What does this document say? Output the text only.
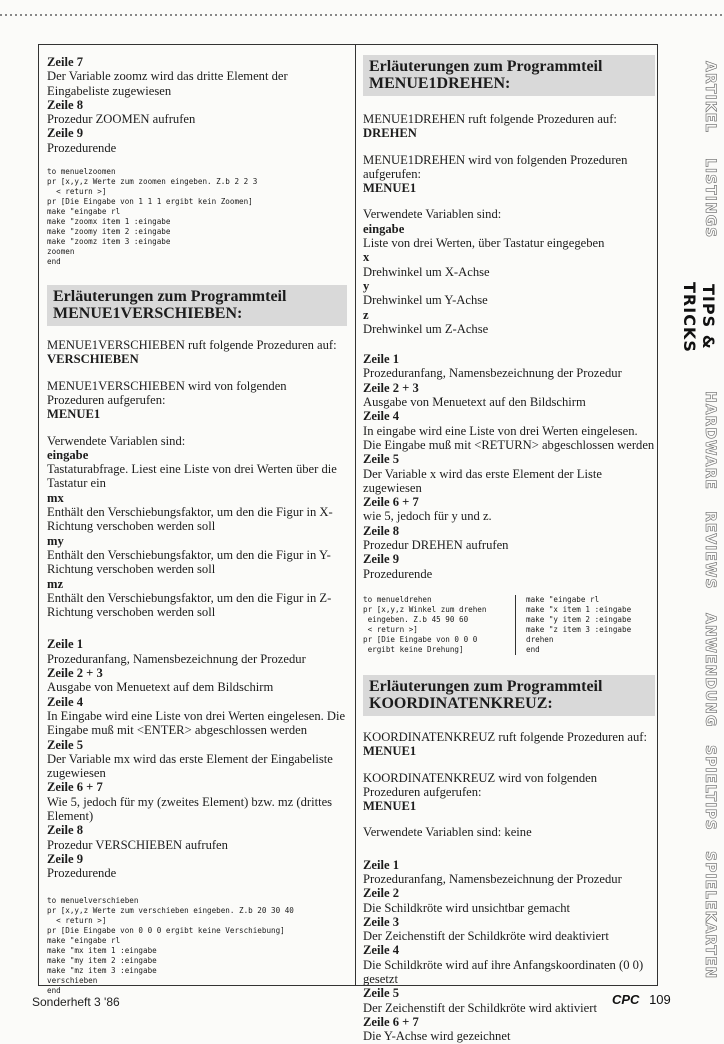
Zeile 7

Der Variable zoomz wird das dritte Element der Eingabeliste zugewiesen

Zeile 8

Prozedur ZOOMEN aufrufen

Zeile 9

Prozedurende

to menuelzoomen
pr [x,y,z Werte zum zoomen eingeben. Z.b 2 2 3
< return >]
pr [Die Eingabe von 1 1 1 ergibt kein Zoomen]
make "eingabe rl
make "zoomx item 1 :eingabe
make "zoomy item 2 :eingabe
make "zoomz item 3 :eingabe
zoomen
end
Erläuterungen zum Programmteil
MENUE1VERSCHIEBEN:

MENUE1VERSCHIEBEN ruft folgende Prozeduren auf:

VERSCHIEBEN

MENUE1VERSCHIEBEN wird von folgenden Prozeduren aufgerufen:

MENUE1

Verwendete Variablen sind:

eingabe

Tastaturabfrage. Liest eine Liste von drei Werten über die Tastatur ein

mx

Enthält den Verschiebungsfaktor, um den die Figur in X-Richtung verschoben werden soll

my

Enthält den Verschiebungsfaktor, um den die Figur in Y-Richtung verschoben werden soll

mz

Enthält den Verschiebungsfaktor, um den die Figur in Z-Richtung verschoben werden soll

Zeile 1

Prozeduranfang, Namensbezeichnung der Prozedur

Zeile 2 + 3

Ausgabe von Menuetext auf dem Bildschirm

Zeile 4

In Eingabe wird eine Liste von drei Werten eingelesen. Die Eingabe muß mit <ENTER> abgeschlossen werden

Zeile 5

Der Variable mx wird das erste Element der Eingabeliste zugewiesen

Zeile 6 + 7

Wie 5, jedoch für my (zweites Element) bzw. mz (drittes Element)

Zeile 8

Prozedur VERSCHIEBEN aufrufen

Zeile 9

Prozedurende

to menuelverschieben
pr [x,y,z Werte zum verschieben eingeben. Z.b 20 30 40
< return >]
pr [Die Eingabe von 0 0 0 ergibt keine Verschiebung]
make "eingabe rl
make "mx item 1 :eingabe
make "my item 2 :eingabe
make "mz item 3 :eingabe
verschieben
end
Erläuterungen zum Programmteil
MENUE1DREHEN:

MENUE1DREHEN ruft folgende Prozeduren auf:

DREHEN

MENUE1DREHEN wird von folgenden Prozeduren aufgerufen:

MENUE1

Verwendete Variablen sind:

eingabe

Liste von drei Werten, über Tastatur eingegeben

x

Drehwinkel um X-Achse

y

Drehwinkel um Y-Achse

z

Drehwinkel um Z-Achse

Zeile 1

Prozeduranfang, Namensbezeichnung der Prozedur

Zeile 2 + 3

Ausgabe von Menuetext auf den Bildschirm

Zeile 4

In eingabe wird eine Liste von drei Werten eingelesen. Die Eingabe muß mit <RETURN> abgeschlossen werden

Zeile 5

Der Variable x wird das erste Element der Liste zugewiesen

Zeile 6 + 7

wie 5, jedoch für y und z.

Zeile 8

Prozedur DREHEN aufrufen

Zeile 9

Prozedurende

to menueldrehen
pr [x,y,z Winkel zum drehen
eingeben. Z.b 45 90 60
< return >]
pr [Die Eingabe von 0 0 0
ergibt keine Drehung]
make "eingabe rl
make "x item 1 :eingabe
make "y item 2 :eingabe
make "z item 3 :eingabe
drehen
end
Erläuterungen zum Programmteil
KOORDINATENKREUZ:

KOORDINATENKREUZ ruft folgende Prozeduren auf:

MENUE1

KOORDINATENKREUZ wird von folgenden Prozeduren aufgerufen:

MENUE1

Verwendete Variablen sind: keine

Zeile 1

Prozeduranfang, Namensbezeichnung der Prozedur

Zeile 2

Die Schildkröte wird unsichtbar gemacht

Zeile 3

Der Zeichenstift der Schildkröte wird deaktiviert

Zeile 4

Die Schildkröte wird auf ihre Anfangskoordinaten (0 0) gesetzt

Zeile 5

Der Zeichenstift der Schildkröte wird aktiviert

Zeile 6 + 7

Die Y-Achse wird gezeichnet

ARTIKEL
LISTINGS
TIPS & TRICKS
HARDWARE
REVIEWS
ANWENDUNG
SPIELTIPS
SPIELEKARTEN
Sonderheft 3 '86	CPC 109
